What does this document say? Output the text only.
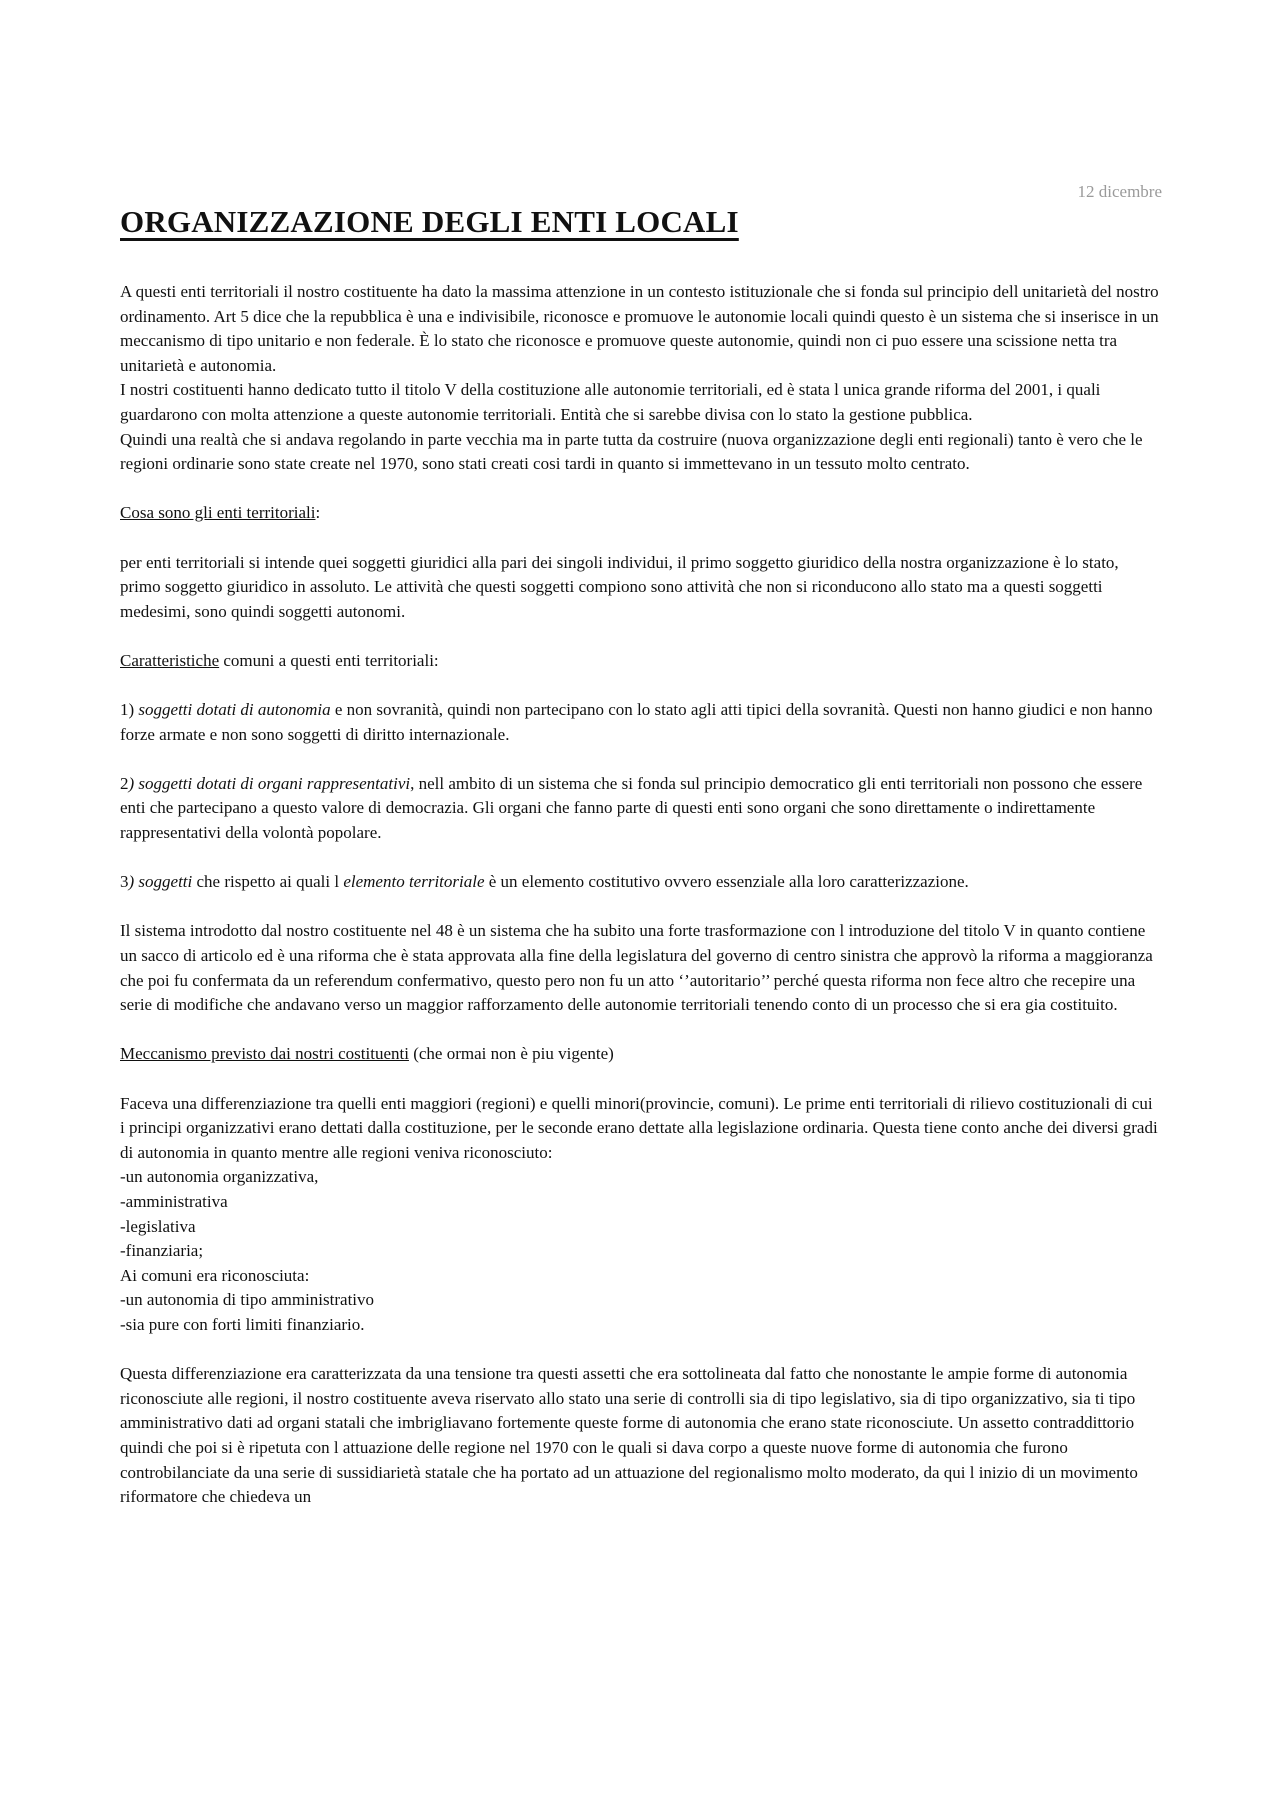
12 dicembre
ORGANIZZAZIONE DEGLI ENTI LOCALI

A questi enti territoriali il nostro costituente ha dato la massima attenzione in un contesto istituzionale che si fonda sul principio dell unitarietà del nostro ordinamento. Art 5 dice che la repubblica è una e indivisibile, riconosce e promuove le autonomie locali quindi questo è un sistema che si inserisce in un meccanismo di tipo unitario e non federale. È lo stato che riconosce e promuove queste autonomie, quindi non ci puo essere una scissione netta tra unitarietà e autonomia.

I nostri costituenti hanno dedicato tutto il titolo V della costituzione alle autonomie territoriali, ed è stata l unica grande riforma del 2001, i quali guardarono con molta attenzione a queste autonomie territoriali. Entità che si sarebbe divisa con lo stato la gestione pubblica.

Quindi una realtà che si andava regolando in parte vecchia ma in parte tutta da costruire (nuova organizzazione degli enti regionali) tanto è vero che le regioni ordinarie sono state create nel 1970, sono stati creati cosi tardi in quanto si immettevano in un tessuto molto centrato.

Cosa sono gli enti territoriali:

per enti territoriali si intende quei soggetti giuridici alla pari dei singoli individui, il primo soggetto giuridico della nostra organizzazione è lo stato, primo soggetto giuridico in assoluto. Le attività che questi soggetti compiono sono attività che non si riconducono allo stato ma a questi soggetti medesimi, sono quindi soggetti autonomi.

Caratteristiche comuni a questi enti territoriali:

1) soggetti dotati di autonomia e non sovranità, quindi non partecipano con lo stato agli atti tipici della sovranità. Questi non hanno giudici e non hanno forze armate e non sono soggetti di diritto internazionale.

2) soggetti dotati di organi rappresentativi, nell ambito di un sistema che si fonda sul principio democratico gli enti territoriali non possono che essere enti che partecipano a questo valore di democrazia. Gli organi che fanno parte di questi enti sono organi che sono direttamente o indirettamente rappresentativi della volontà popolare.

3) soggetti che rispetto ai quali l elemento territoriale è un elemento costitutivo ovvero essenziale alla loro caratterizzazione.

Il sistema introdotto dal nostro costituente nel 48 è un sistema che ha subito una forte trasformazione con l introduzione del titolo V in quanto contiene un sacco di articolo ed è una riforma che è stata approvata alla fine della legislatura del governo di centro sinistra che approvò la riforma a maggioranza che poi fu confermata da un referendum confermativo, questo pero non fu un atto ‘’autoritario’’ perché questa riforma non fece altro che recepire una serie di modifiche che andavano verso un maggior rafforzamento delle autonomie territoriali tenendo conto di un processo che si era gia costituito.

Meccanismo previsto dai nostri costituenti (che ormai non è piu vigente)

Faceva una differenziazione tra quelli enti maggiori (regioni) e quelli minori(provincie, comuni). Le prime enti territoriali di rilievo costituzionali di cui i principi organizzativi erano dettati dalla costituzione, per le seconde erano dettate alla legislazione ordinaria. Questa tiene conto anche dei diversi gradi di autonomia in quanto mentre alle regioni veniva riconosciuto:

-un autonomia organizzativa,

-amministrativa

-legislativa

-finanziaria;

Ai comuni era riconosciuta:

-un autonomia di tipo amministrativo

-sia pure con forti limiti finanziario.

Questa differenziazione era caratterizzata da una tensione tra questi assetti che era sottolineata dal fatto che nonostante le ampie forme di autonomia riconosciute alle regioni, il nostro costituente aveva riservato allo stato una serie di controlli sia di tipo legislativo, sia di tipo organizzativo, sia ti tipo amministrativo dati ad organi statali che imbrigliavano fortemente queste forme di autonomia che erano state riconosciute. Un assetto contraddittorio quindi che poi si è ripetuta con l attuazione delle regione nel 1970 con le quali si dava corpo a queste nuove forme di autonomia che furono controbilanciate da una serie di sussidiarietà statale che ha portato ad un attuazione del regionalismo molto moderato, da qui l inizio di un movimento riformatore che chiedeva un
